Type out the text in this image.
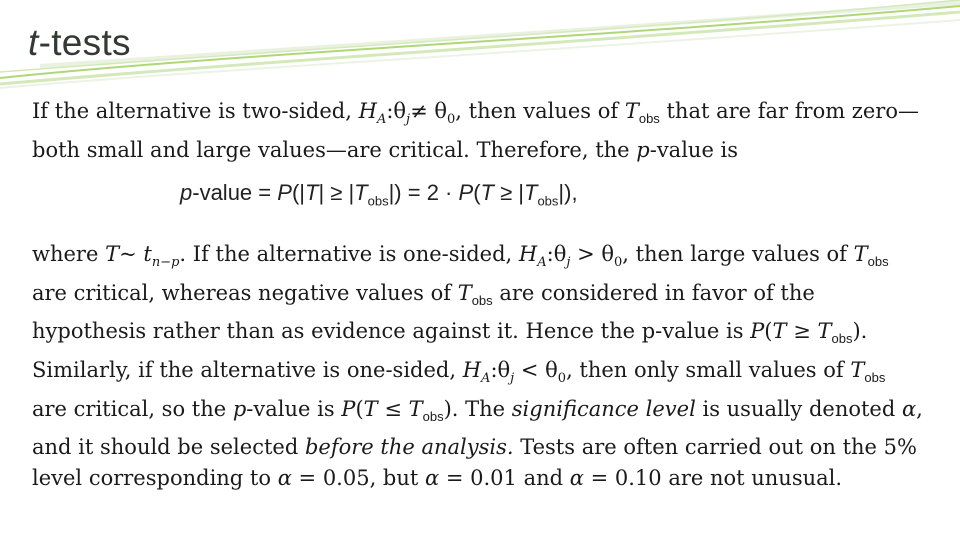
t-tests
If the alternative is two-sided, $H_A:\theta_j\ne \theta_0$, then values of $T_{obs}$ that are far from zero—both small and large values—are critical. Therefore, the p-value is
p-value = $P(|T| \ge |T_{obs}|) = 2 \cdot P(T \ge |T_{obs}|)$,
where T~ $t_{n-p}$. If the alternative is one-sided, $H_A:\theta_j > \theta_0$, then large values of $T_{obs}$ are critical, whereas negative values of $T_{obs}$ are considered in favor of the hypothesis rather than as evidence against it. Hence the p-value is $P(T \ge T_{obs})$. Similarly, if the alternative is one-sided, $H_A:\theta_j < \theta_0$, then only small values of $T_{obs}$ are critical, so the p-value is $P(T \le T_{obs})$. The significance level is usually denoted α, and it should be selected before the analysis. Tests are often carried out on the 5% level corresponding to α = 0.05, but α = 0.01 and α = 0.10 are not unusual.
